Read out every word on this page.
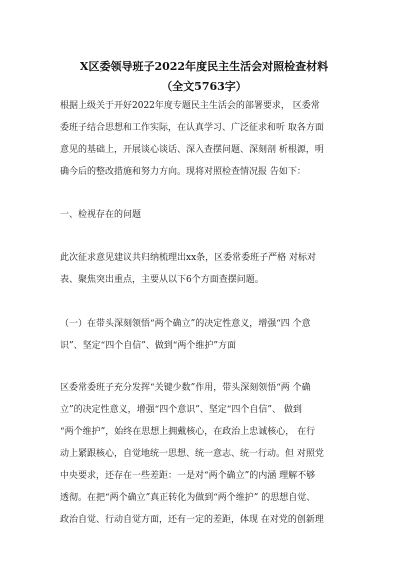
X区委领导班子2022年度民主生活会对照检查材料
（全文5763字）
根据上级关于开好2022年度专题民主生活会的部署要求， 区委常
委班子结合思想和工作实际，在认真学习、广泛征求和听 取各方面
意见的基础上，开展谈心谈话、深入查摆问题、深刻剖 析根源，明
确今后的整改措施和努力方向。现将对照检查情况报 告如下：
一、检视存在的问题
此次征求意见建议共归纳梳理出xx条，区委常委班子严格 对标对
表、聚焦突出重点，主要从以下6个方面查摆问题。
（一）在带头深刻领悟“两个确立”的决定性意义，增强“四 个意
识”、坚定“四个自信”、做到“两个维护”方面
区委常委班子充分发挥“关键少数”作用，带头深刻领悟“两 个确
立”的决定性意义，增强“四个意识”、坚定“四个自信”、 做到
“两个维护”，始终在思想上拥戴核心，在政治上忠诚核心， 在行
动上紧跟核心，自觉地统一思想、统一意志、统一行动。但 对照党
中央要求，还存在一些差距：一是对“两个确立”的内涵 理解不够
透彻。在把“两个确立”真正转化为做到“两个维护” 的思想自觉、
政治自觉、行动自觉方面，还有一定的差距，体现 在对党的创新理
